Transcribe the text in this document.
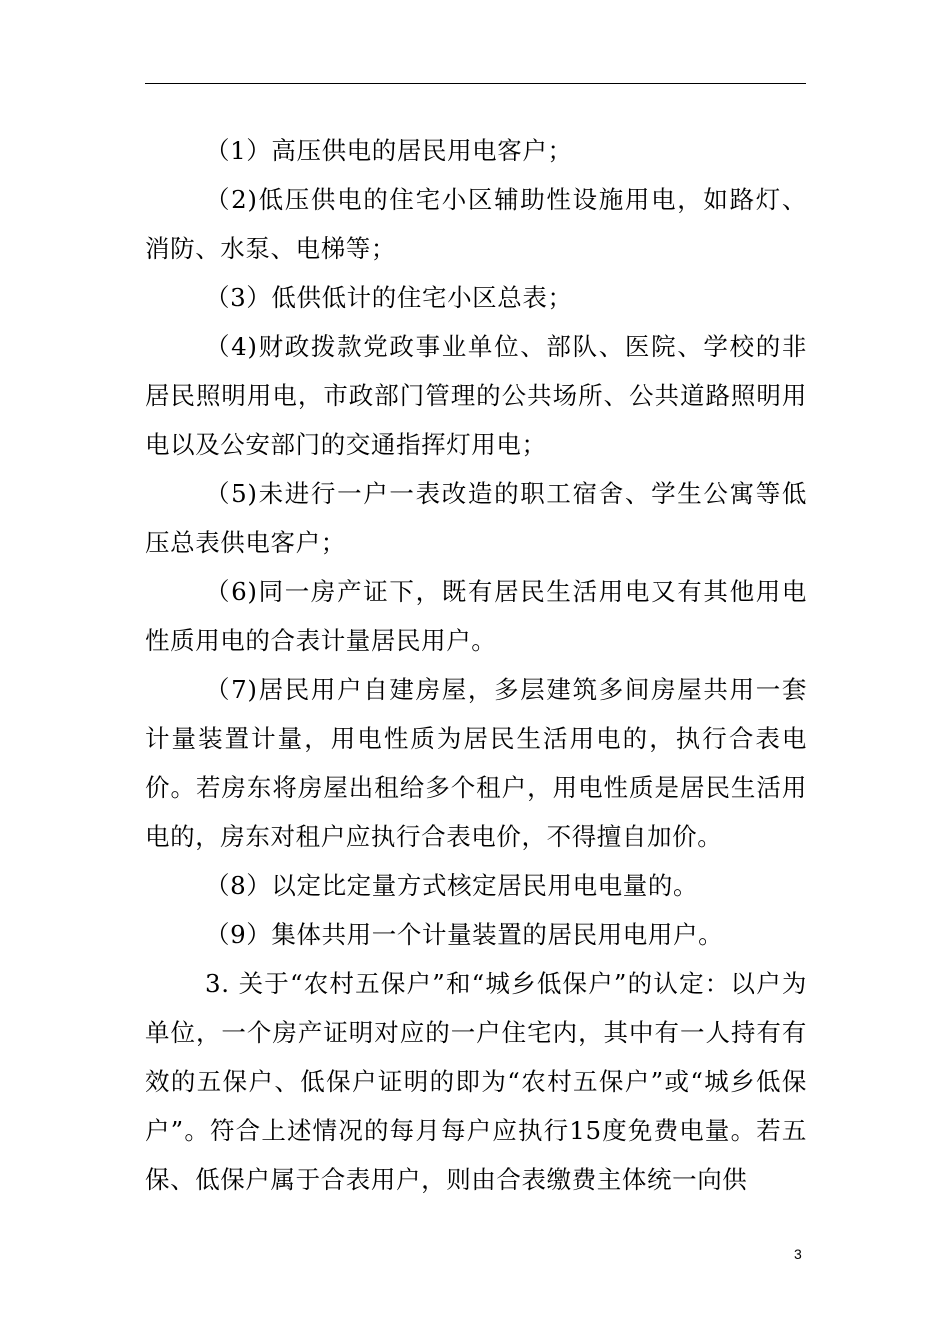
（1）高压供电的居民用电客户；

（2)低压供电的住宅小区辅助性设施用电，如路灯、消防、水泵、电梯等；

（3）低供低计的住宅小区总表；

（4)财政拨款党政事业单位、部队、医院、学校的非居民照明用电，市政部门管理的公共场所、公共道路照明用电以及公安部门的交通指挥灯用电；

（5)未进行一户一表改造的职工宿舍、学生公寓等低压总表供电客户；

（6)同一房产证下，既有居民生活用电又有其他用电性质用电的合表计量居民用户。

（7)居民用户自建房屋，多层建筑多间房屋共用一套计量装置计量，用电性质为居民生活用电的，执行合表电价。若房东将房屋出租给多个租户，用电性质是居民生活用电的，房东对租户应执行合表电价，不得擅自加价。

（8）以定比定量方式核定居民用电电量的。

（9）集体共用一个计量装置的居民用电用户。

3. 关于“农村五保户”和“城乡低保户”的认定：以户为单位，一个房产证明对应的一户住宅内，其中有一人持有有效的五保户、低保户证明的即为“农村五保户”或“城乡低保户”。符合上述情况的每月每户应执行15度免费电量。若五保、低保户属于合表用户，则由合表缴费主体统一向供

3
